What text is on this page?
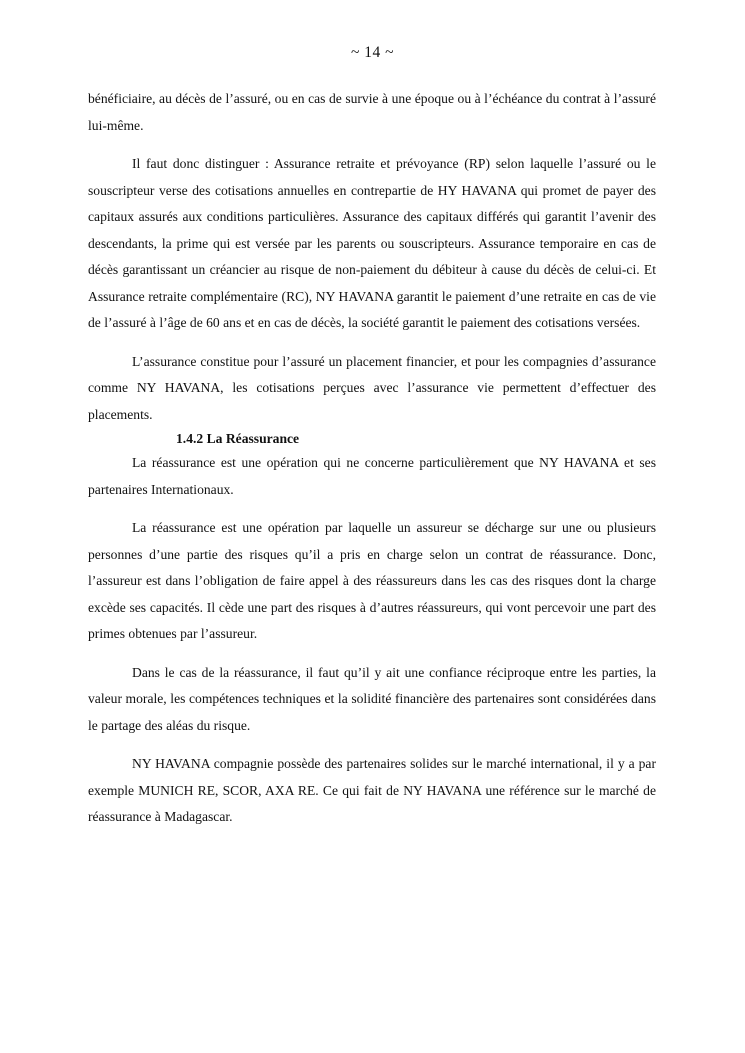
~ 14 ~

bénéficiaire, au décès de l’assuré, ou en cas de survie à une époque ou à l’échéance du contrat à l’assuré lui-même.

Il faut donc distinguer : Assurance retraite et prévoyance (RP) selon laquelle l’assuré ou le souscripteur verse des cotisations annuelles en contrepartie de HY HAVANA qui promet de payer des capitaux assurés aux conditions particulières. Assurance des capitaux différés qui garantit l’avenir des descendants, la prime qui est versée par les parents ou souscripteurs. Assurance temporaire en cas de décès garantissant un créancier au risque de non-paiement du débiteur à cause du décès de celui-ci. Et Assurance retraite complémentaire (RC), NY HAVANA garantit le paiement d’une retraite en cas de vie de l’assuré à l’âge de 60 ans et en cas de décès, la société garantit le paiement des cotisations versées.

L’assurance constitue pour l’assuré un placement financier, et pour les compagnies d’assurance comme NY HAVANA, les cotisations perçues avec l’assurance vie permettent d’effectuer des placements.

1.4.2 La Réassurance

La réassurance est une opération qui ne concerne particulièrement que NY HAVANA et ses partenaires Internationaux.

La réassurance est une opération par laquelle un assureur se décharge sur une ou plusieurs personnes d’une partie des risques qu’il a pris en charge selon un contrat de réassurance. Donc, l’assureur est dans l’obligation de faire appel à des réassureurs dans les cas des risques dont la charge excède ses capacités. Il cède une part des risques à d’autres réassureurs, qui vont percevoir une part des primes obtenues par l’assureur.

Dans le cas de la réassurance, il faut qu’il y ait une confiance réciproque entre les parties, la valeur morale, les compétences techniques et la solidité financière des partenaires sont considérées dans le partage des aléas du risque.

NY HAVANA compagnie possède des partenaires solides sur le marché international, il y a par exemple MUNICH RE, SCOR, AXA RE. Ce qui fait de NY HAVANA une référence sur le marché de réassurance à Madagascar.
